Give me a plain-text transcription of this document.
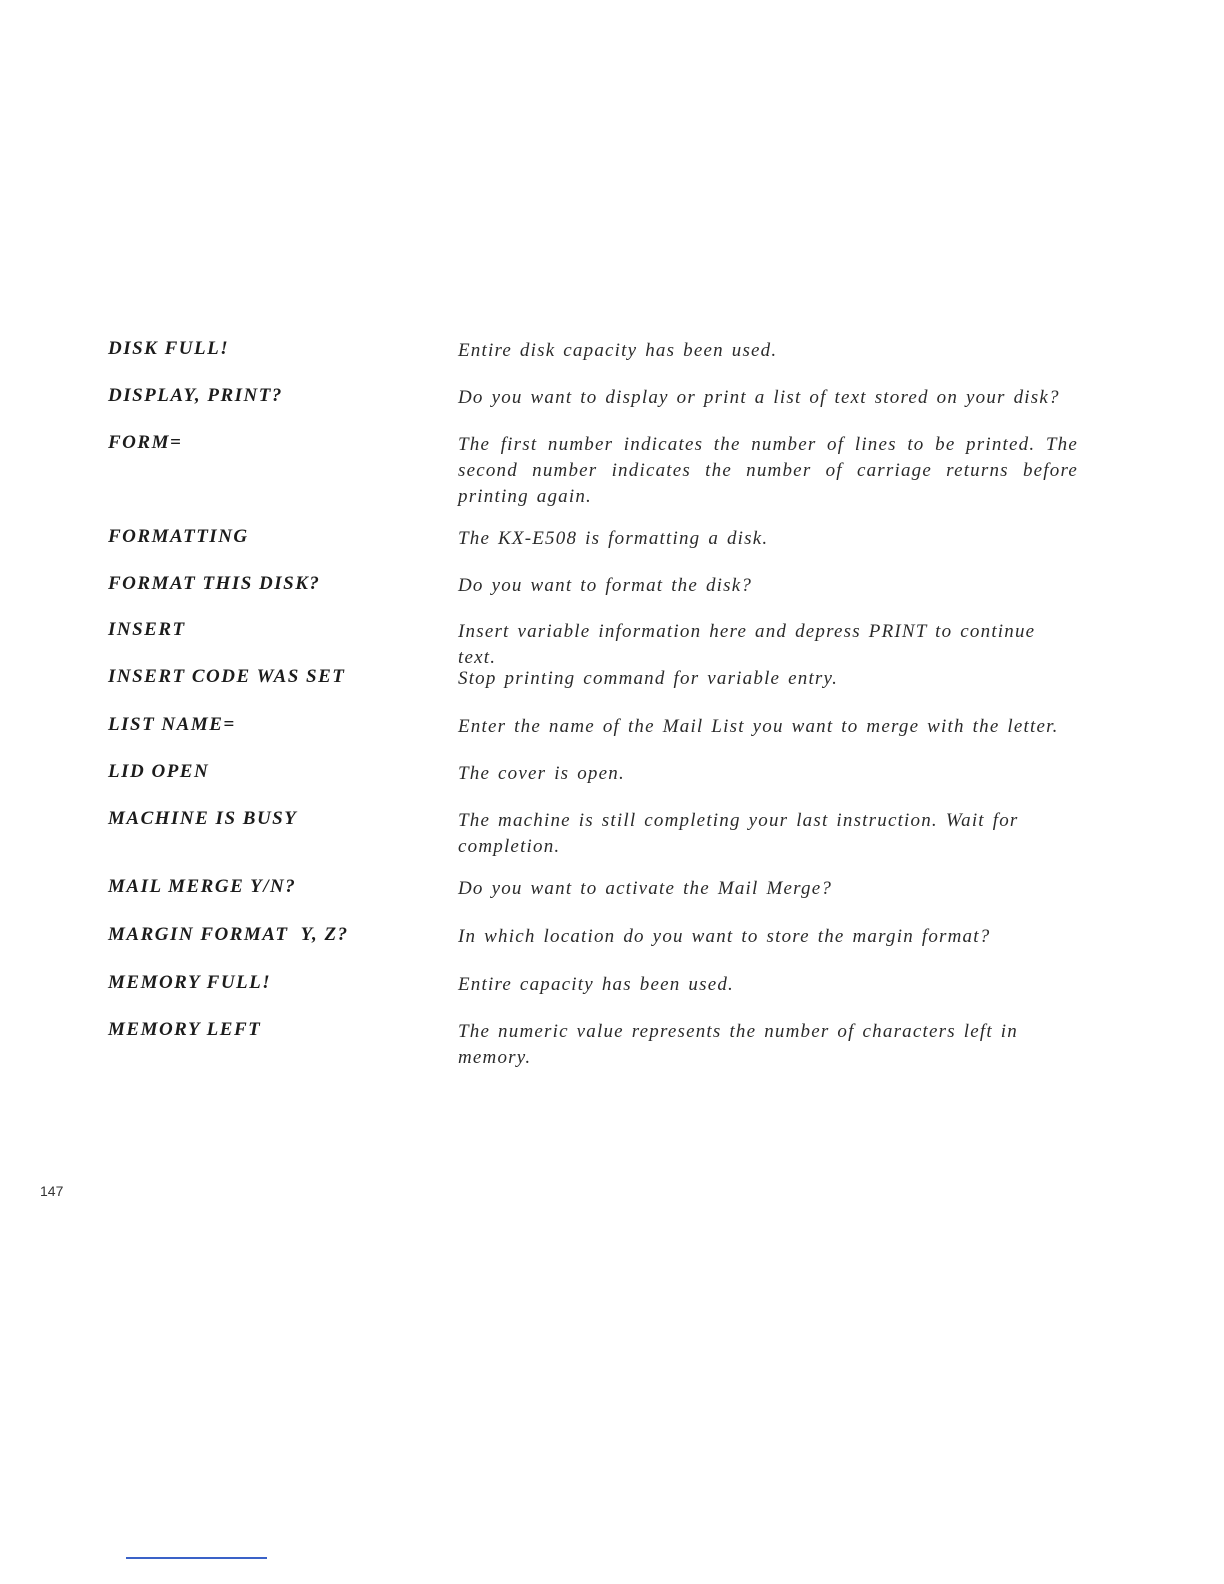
DISK FULL!	Entire disk capacity has been used.
DISPLAY, PRINT?	Do you want to display or print a list of text stored on your disk?
FORM=	The first number indicates the number of lines to be printed. The second number indicates the number of carriage returns before printing again.
FORMATTING	The KX-E508 is formatting a disk.
FORMAT THIS DISK?	Do you want to format the disk?
INSERT	Insert variable information here and depress PRINT to continue text.
INSERT CODE WAS SET	Stop printing command for variable entry.
LIST NAME=	Enter the name of the Mail List you want to merge with the letter.
LID OPEN	The cover is open.
MACHINE IS BUSY	The machine is still completing your last instruction. Wait for completion.
MAIL MERGE Y/N?	Do you want to activate the Mail Merge?
MARGIN FORMAT  Y, Z?	In which location do you want to store the margin format?
MEMORY FULL!	Entire capacity has been used.
MEMORY LEFT	The numeric value represents the number of characters left in memory.
147
